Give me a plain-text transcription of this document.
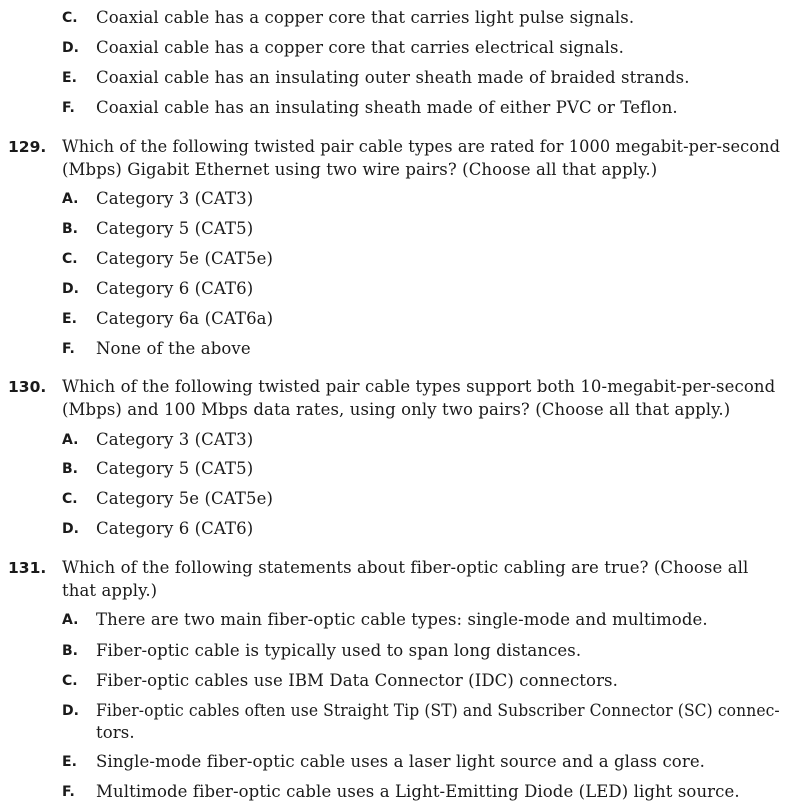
C. Coaxial cable has a copper core that carries light pulse signals.
D. Coaxial cable has a copper core that carries electrical signals.
E. Coaxial cable has an insulating outer sheath made of braided strands.
F. Coaxial cable has an insulating sheath made of either PVC or Teflon.
129. Which of the following twisted pair cable types are rated for 1000 megabit-per-second
(Mbps) Gigabit Ethernet using two wire pairs? (Choose all that apply.)
A. Category 3 (CAT3)
B. Category 5 (CAT5)
C. Category 5e (CAT5e)
D. Category 6 (CAT6)
E. Category 6a (CAT6a)
F. None of the above
130. Which of the following twisted pair cable types support both 10-megabit-per-second
(Mbps) and 100 Mbps data rates, using only two pairs? (Choose all that apply.)
A. Category 3 (CAT3)
B. Category 5 (CAT5)
C. Category 5e (CAT5e)
D. Category 6 (CAT6)
131. Which of the following statements about fiber-optic cabling are true? (Choose all
that apply.)
A. There are two main fiber-optic cable types: single-mode and multimode.
B. Fiber-optic cable is typically used to span long distances.
C. Fiber-optic cables use IBM Data Connector (IDC) connectors.
D. Fiber-optic cables often use Straight Tip (ST) and Subscriber Connector (SC) connec-
tors.
E. Single-mode fiber-optic cable uses a laser light source and a glass core.
F. Multimode fiber-optic cable uses a Light-Emitting Diode (LED) light source.
